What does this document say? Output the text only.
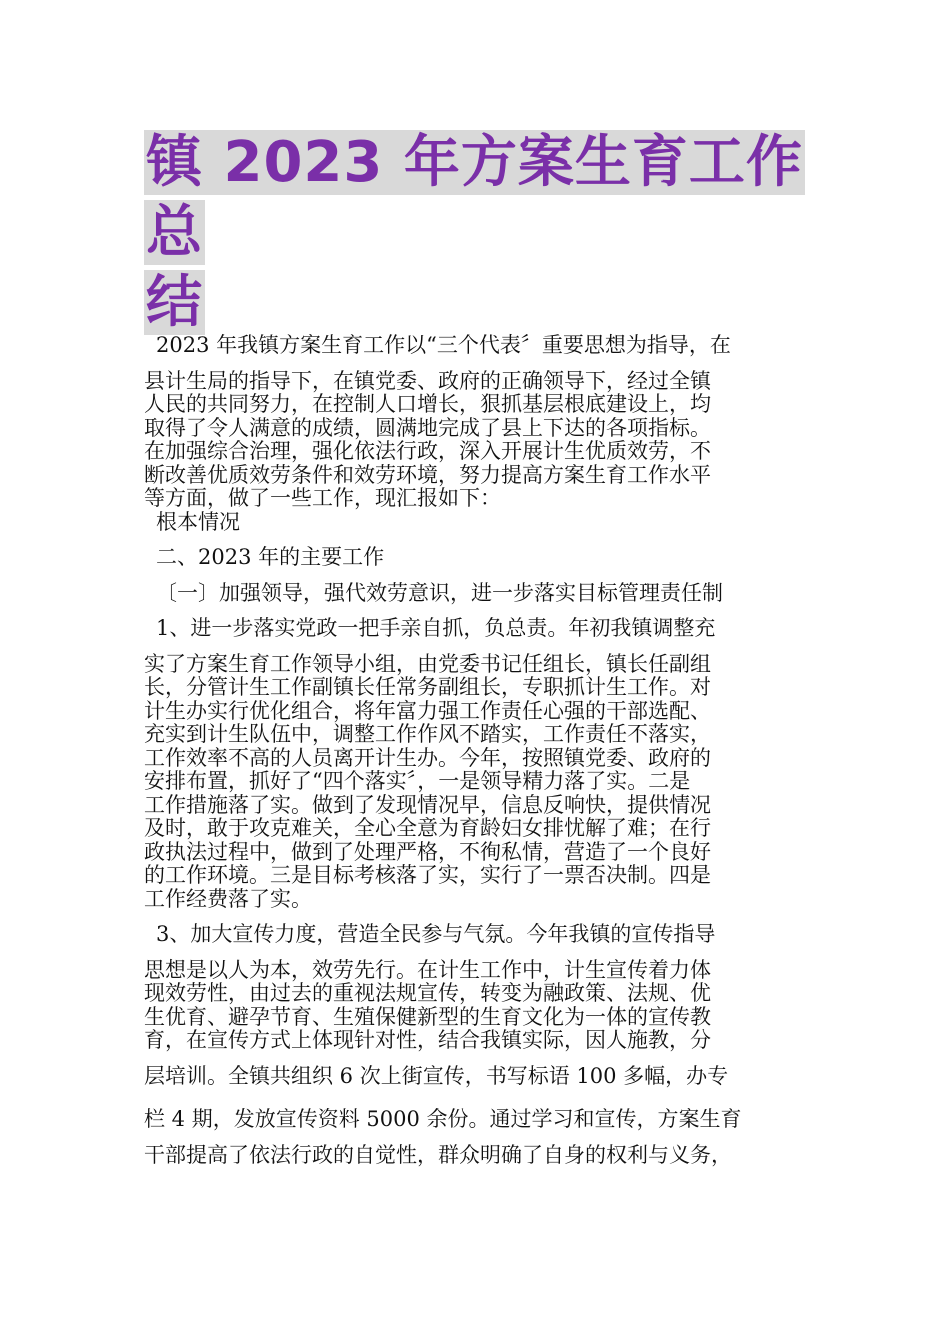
镇 2023 年方案生育工作总
结
2023 年我镇方案生育工作以“三个代表〞重要思想为指导，在
县计生局的指导下，在镇党委、政府的正确领导下，经过全镇
人民的共同努力，在控制人口增长，狠抓基层根底建设上，均
取得了令人满意的成绩，圆满地完成了县上下达的各项指标。
在加强综合治理，强化依法行政，深入开展计生优质效劳，不
断改善优质效劳条件和效劳环境，努力提高方案生育工作水平
等方面，做了一些工作，现汇报如下：
根本情况
二、2023 年的主要工作
〔一〕加强领导，强代效劳意识，进一步落实目标管理责任制
1、进一步落实党政一把手亲自抓，负总责。年初我镇调整充
实了方案生育工作领导小组，由党委书记任组长，镇长任副组
长，分管计生工作副镇长任常务副组长，专职抓计生工作。对
计生办实行优化组合，将年富力强工作责任心强的干部选配、
充实到计生队伍中，调整工作作风不踏实，工作责任不落实，
工作效率不高的人员离开计生办。今年，按照镇党委、政府的
安排布置，抓好了“四个落实〞，一是领导精力落了实。二是
工作措施落了实。做到了发现情况早，信息反响快，提供情况
及时，敢于攻克难关，全心全意为育龄妇女排忧解了难；在行
政执法过程中，做到了处理严格，不徇私情，营造了一个良好
的工作环境。三是目标考核落了实，实行了一票否决制。四是
工作经费落了实。
3、加大宣传力度，营造全民参与气氛。今年我镇的宣传指导
思想是以人为本，效劳先行。在计生工作中，计生宣传着力体
现效劳性，由过去的重视法规宣传，转变为融政策、法规、优
生优育、避孕节育、生殖保健新型的生育文化为一体的宣传教
育，在宣传方式上体现针对性，结合我镇实际，因人施教，分
层培训。全镇共组织 6 次上街宣传，书写标语 100 多幅，办专
栏 4 期，发放宣传资料 5000 余份。通过学习和宣传，方案生育
干部提高了依法行政的自觉性，群众明确了自身的权利与义务，
